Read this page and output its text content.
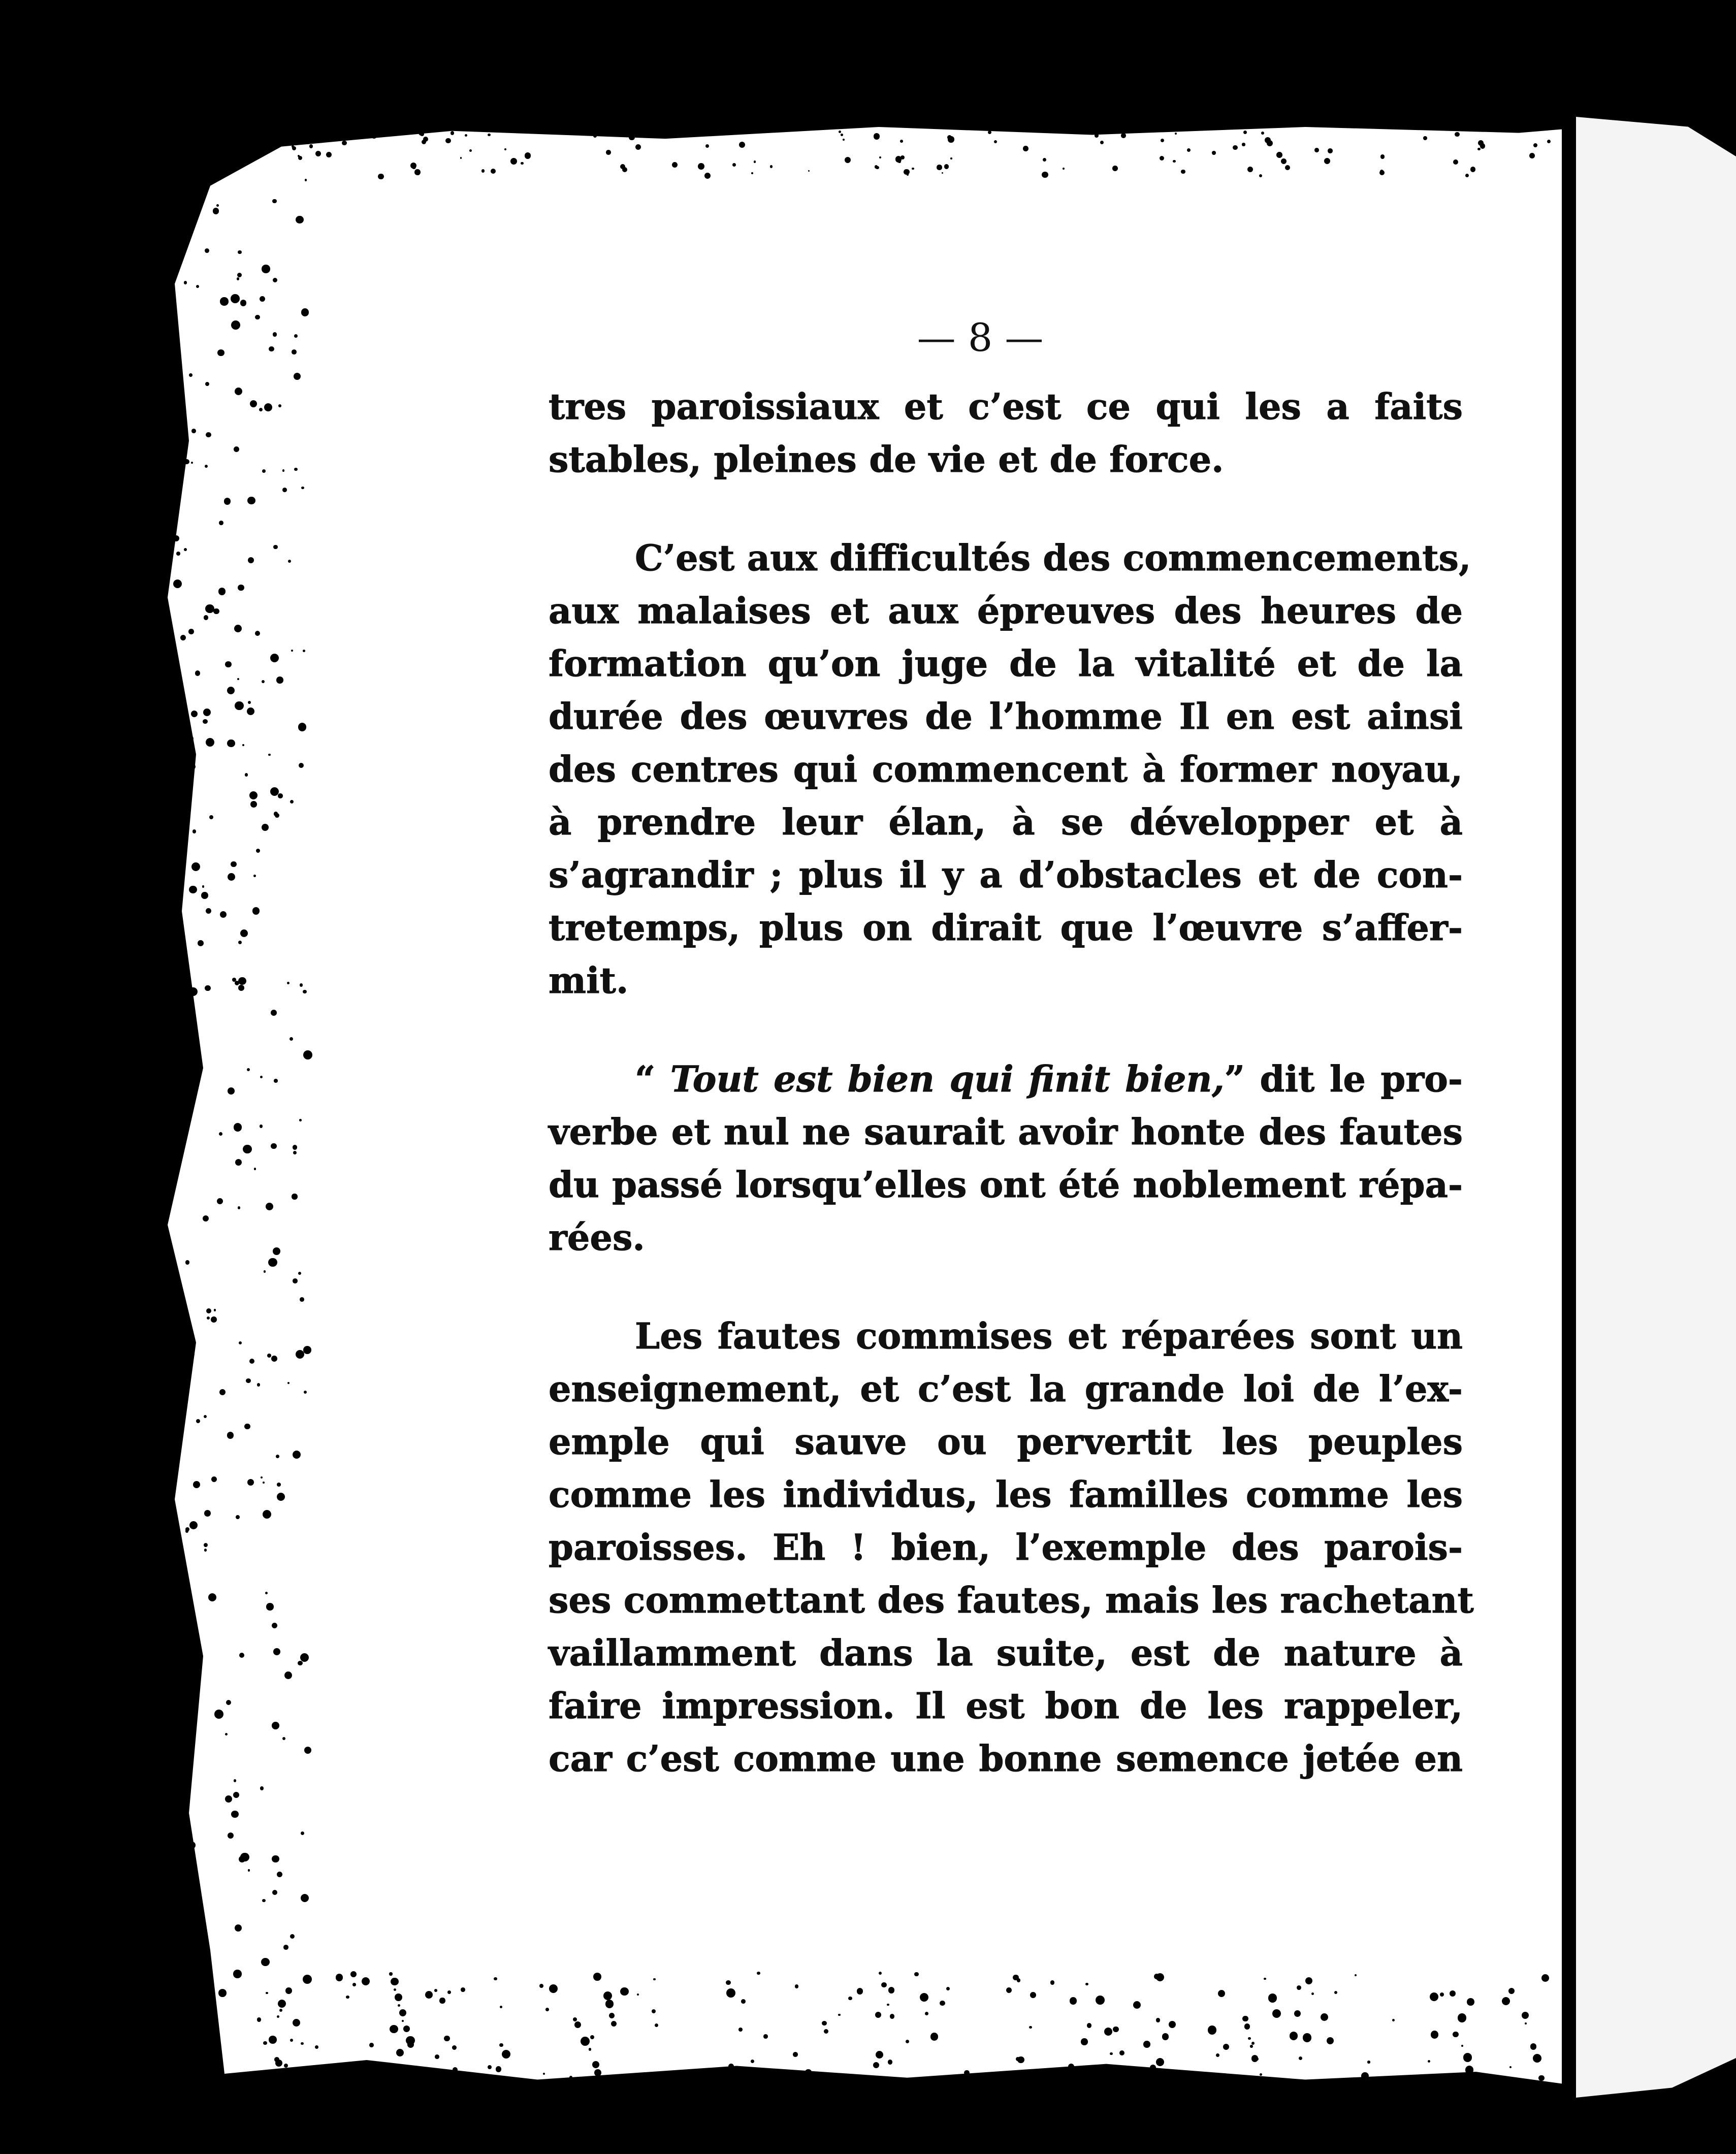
— 8 —
tres paroissiaux et c’est ce qui les a faits
stables, pleines de vie et de force.
C’est aux difficultés des commencements,
aux malaises et aux épreuves des heures de
formation qu’on juge de la vitalité et de la
durée des œuvres de l’homme Il en est ainsi
des centres qui commencent à former noyau,
à prendre leur élan, à se développer et à
s’agrandir ; plus il y a d’obstacles et de con-
tretemps, plus on dirait que l’œuvre s’affer-
mit.
“ Tout est bien qui finit bien,” dit le pro-
verbe et nul ne saurait avoir honte des fautes
du passé lorsqu’elles ont été noblement répa-
rées.
Les fautes commises et réparées sont un
enseignement, et c’est la grande loi de l’ex-
emple qui sauve ou pervertit les peuples
comme les individus, les familles comme les
paroisses. Eh ! bien, l’exemple des parois-
ses commettant des fautes, mais les rachetant
vaillamment dans la suite, est de nature à
faire impression. Il est bon de les rappeler,
car c’est comme une bonne semence jetée en
